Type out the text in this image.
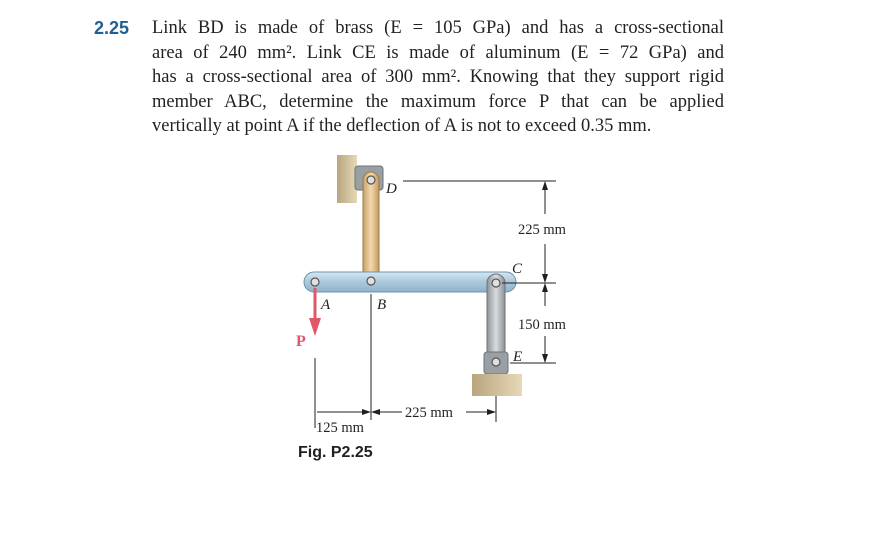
2.25 Link BD is made of brass (E = 105 GPa) and has a cross-sectional
area of 240 mm². Link CE is made of aluminum (E = 72 GPa) and
has a cross-sectional area of 300 mm². Knowing that they support rigid
member ABC, determine the maximum force P that can be applied
vertically at point A if the deflection of A is not to exceed 0.35 mm.
A	B
D
C
E
P
225 mm
150 mm
125 mm
225 mm
Fig. P2.25
